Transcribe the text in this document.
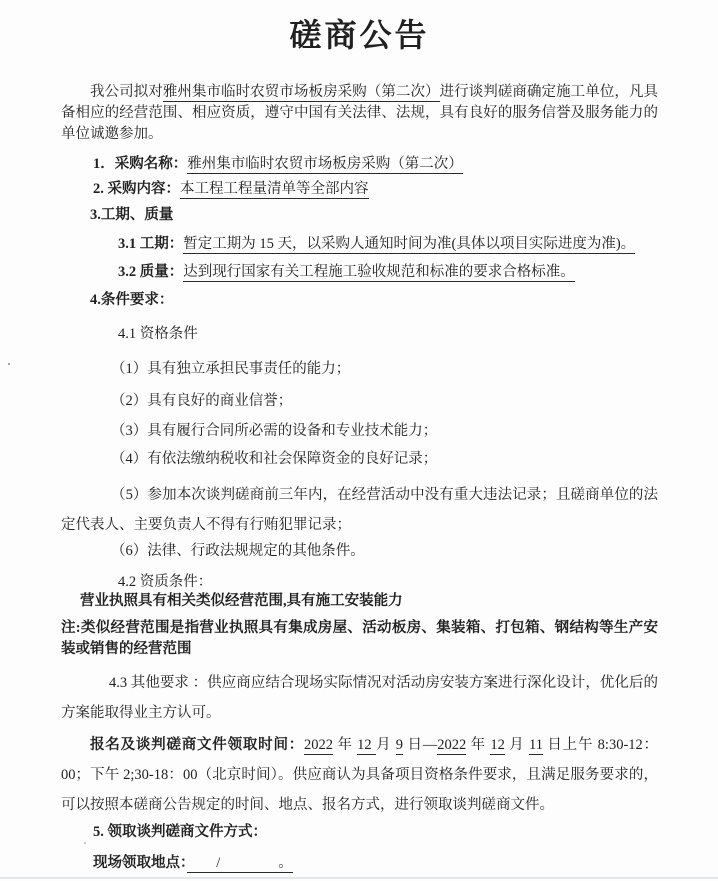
磋商公告

我公司拟对雅州集市临时农贸市场板房采购（第二次）进行谈判磋商确定施工单位，凡具备相应的经营范围、相应资质，遵守中国有关法律、法规，具有良好的服务信誉及服务能力的单位诚邀参加。

1．采购名称：雅州集市临时农贸市场板房采购（第二次）
2. 采购内容：本工程工程量清单等全部内容
3.工期、质量
3.1 工期：暂定工期为 15 天，以采购人通知时间为准(具体以项目实际进度为准)。
3.2 质量：达到现行国家有关工程施工验收规范和标准的要求合格标准。
4.条件要求：
4.1 资格条件
（1）具有独立承担民事责任的能力；
（2）具有良好的商业信誉；
（3）具有履行合同所必需的设备和专业技术能力；
（4）有依法缴纳税收和社会保障资金的良好记录；

（5）参加本次谈判磋商前三年内，在经营活动中没有重大违法记录；且磋商单位的法定代表人、主要负责人不得有行贿犯罪记录；

（6）法律、行政法规规定的其他条件。
4.2 资质条件：
营业执照具有相关类似经营范围,具有施工安装能力

注:类似经营范围是指营业执照具有集成房屋、活动板房、集装箱、打包箱、钢结构等生产安装或销售的经营范围

4.3 其他要求 ：供应商应结合现场实际情况对活动房安装方案进行深化设计，优化后的方案能取得业主方认可。

报名及谈判磋商文件领取时间：2022 年 12 月 9 日—2022 年 12 月 11 日上午 8:30-12：00；下午 2;30-18：00（北京时间）。供应商认为具备项目资格条件要求，且满足服务要求的，可以按照本磋商公告规定的时间、地点、报名方式，进行领取谈判磋商文件。

5. 领取谈判磋商文件方式：
现场领取地点：　　/　　　　。
